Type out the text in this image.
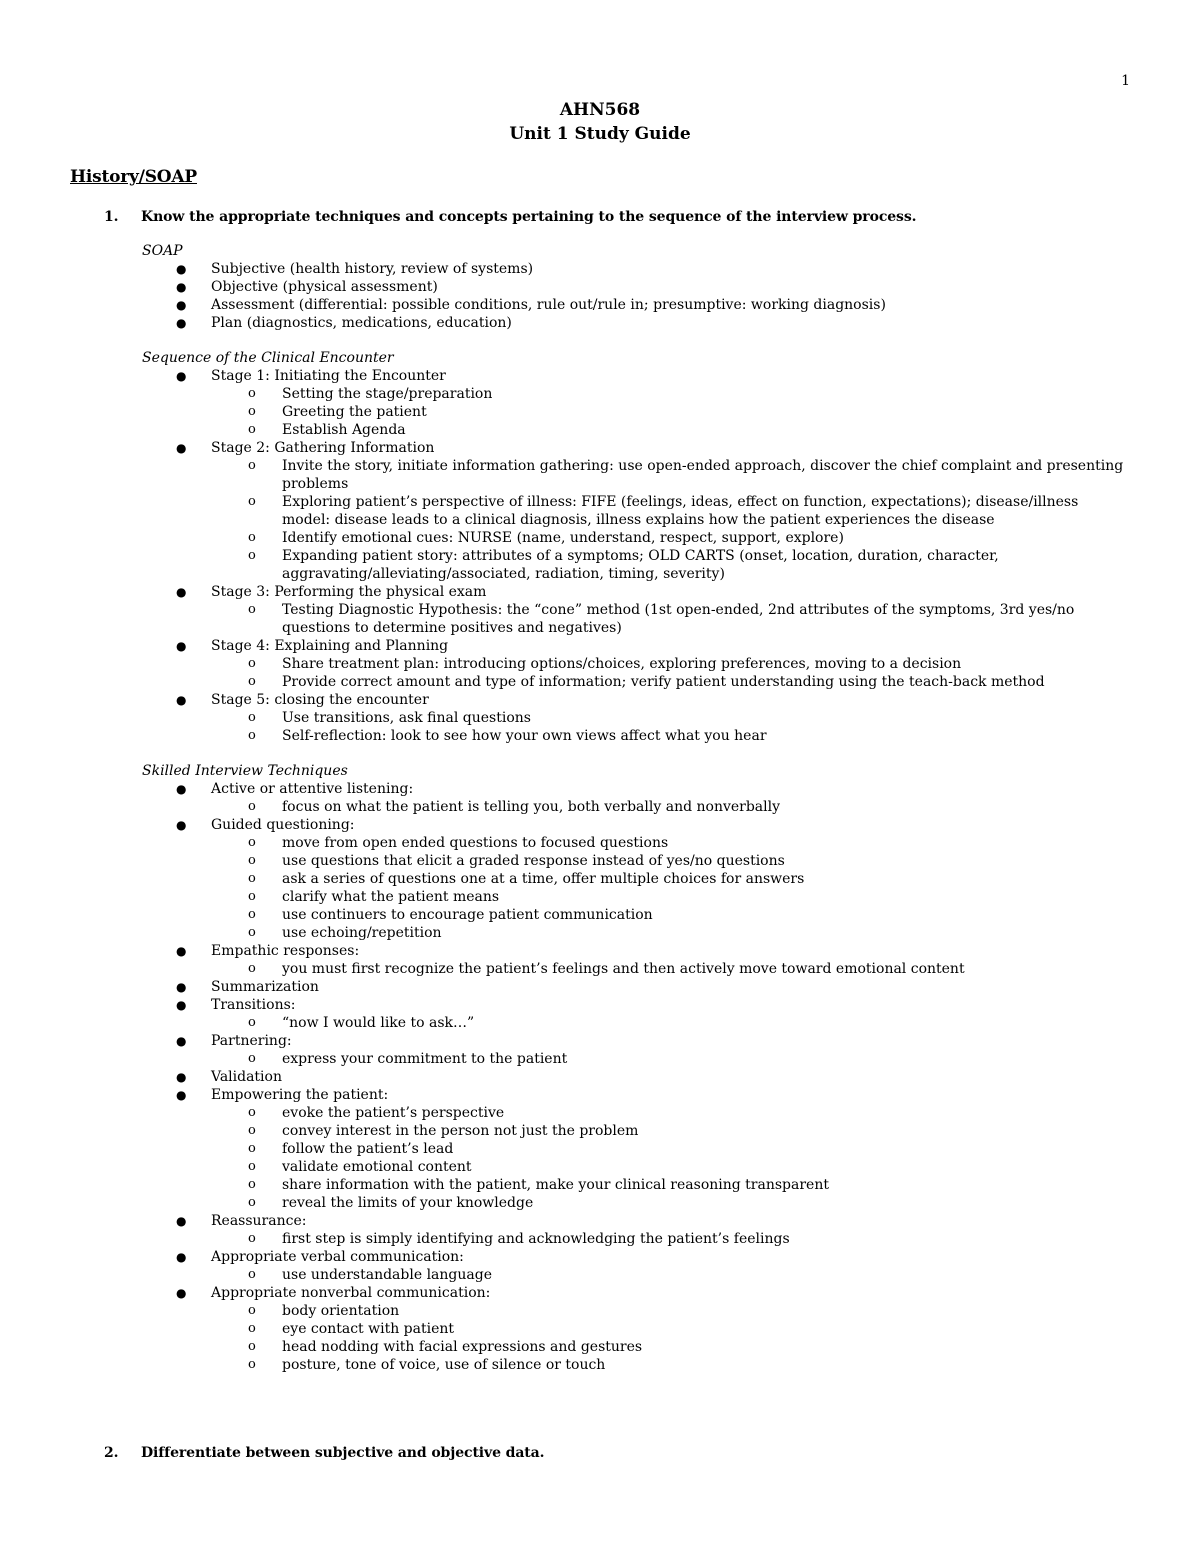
1
AHN568
Unit 1 Study Guide
History/SOAP
1. Know the appropriate techniques and concepts pertaining to the sequence of the interview process.
SOAP
● Subjective (health history, review of systems)
● Objective (physical assessment)
● Assessment (differential: possible conditions, rule out/rule in; presumptive: working diagnosis)
● Plan (diagnostics, medications, education)
Sequence of the Clinical Encounter
● Stage 1: Initiating the Encounter
o Setting the stage/preparation
o Greeting the patient
o Establish Agenda
● Stage 2: Gathering Information
o Invite the story, initiate information gathering: use open-ended approach, discover the chief complaint and presenting problems
o Exploring patient’s perspective of illness: FIFE (feelings, ideas, effect on function, expectations); disease/illness model: disease leads to a clinical diagnosis, illness explains how the patient experiences the disease
o Identify emotional cues: NURSE (name, understand, respect, support, explore)
o Expanding patient story: attributes of a symptoms; OLD CARTS (onset, location, duration, character, aggravating/alleviating/associated, radiation, timing, severity)
● Stage 3: Performing the physical exam
o Testing Diagnostic Hypothesis: the “cone” method (1st open-ended, 2nd attributes of the symptoms, 3rd yes/no questions to determine positives and negatives)
● Stage 4: Explaining and Planning
o Share treatment plan: introducing options/choices, exploring preferences, moving to a decision
o Provide correct amount and type of information; verify patient understanding using the teach-back method
● Stage 5: closing the encounter
o Use transitions, ask final questions
o Self-reflection: look to see how your own views affect what you hear
Skilled Interview Techniques
● Active or attentive listening:
o focus on what the patient is telling you, both verbally and nonverbally
● Guided questioning:
o move from open ended questions to focused questions
o use questions that elicit a graded response instead of yes/no questions
o ask a series of questions one at a time, offer multiple choices for answers
o clarify what the patient means
o use continuers to encourage patient communication
o use echoing/repetition
● Empathic responses:
o you must first recognize the patient’s feelings and then actively move toward emotional content
● Summarization
● Transitions:
o “now I would like to ask…”
● Partnering:
o express your commitment to the patient
● Validation
● Empowering the patient:
o evoke the patient’s perspective
o convey interest in the person not just the problem
o follow the patient’s lead
o validate emotional content
o share information with the patient, make your clinical reasoning transparent
o reveal the limits of your knowledge
● Reassurance:
o first step is simply identifying and acknowledging the patient’s feelings
● Appropriate verbal communication:
o use understandable language
● Appropriate nonverbal communication:
o body orientation
o eye contact with patient
o head nodding with facial expressions and gestures
o posture, tone of voice, use of silence or touch
2. Differentiate between subjective and objective data.
